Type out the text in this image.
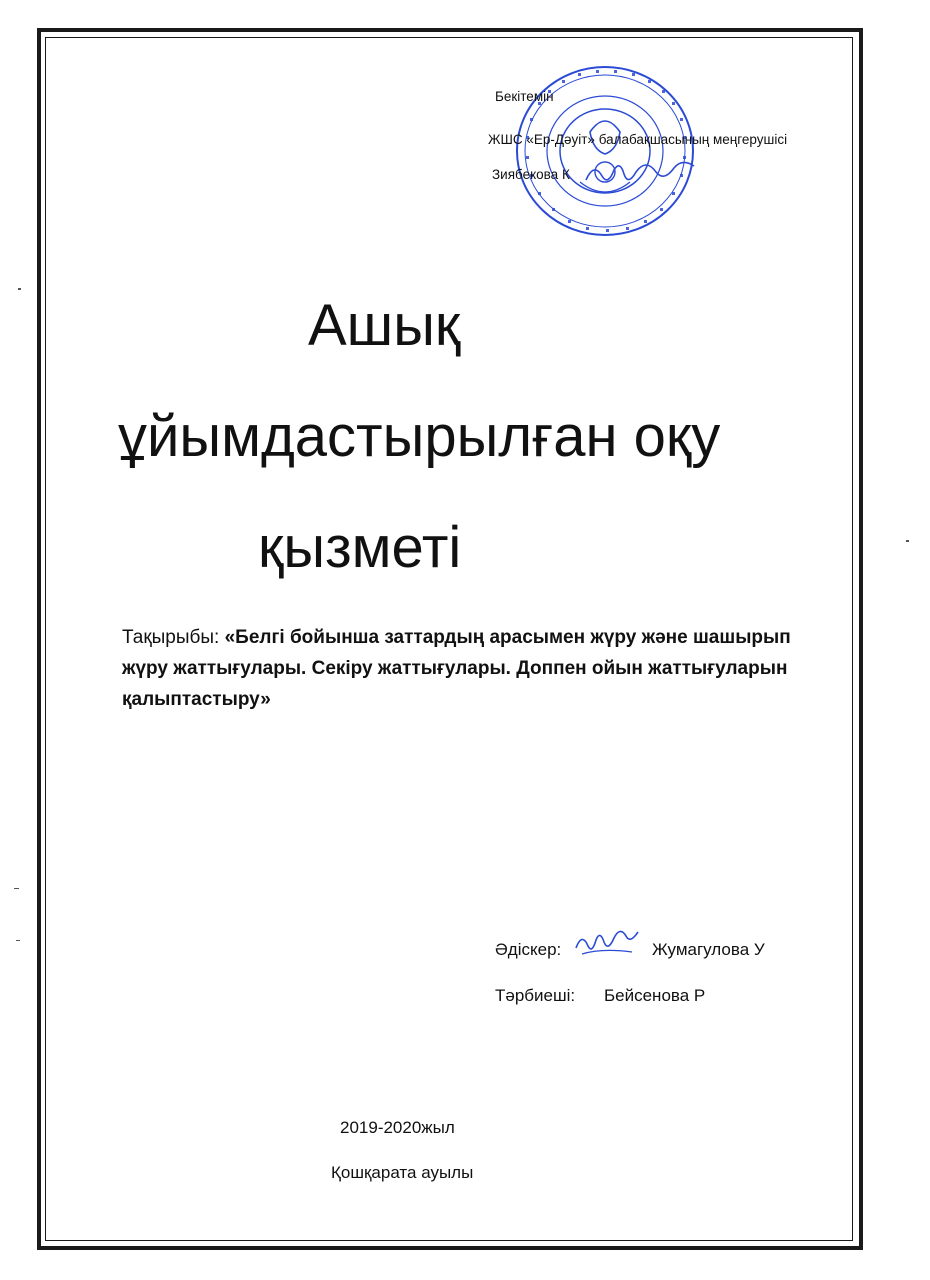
Бекітемін
ЖШС «Ер-Дәуіт» балабақшасының меңгерушісі
Зиябекова К
Ашық
ұйымдастырылған оқу
қызметі
Тақырыбы: «Белгі бойынша заттардың арасымен жүру және шашырып жүру жаттығулары. Секіру жаттығулары. Доппен ойын жаттығуларын қалыптастыру»
Әдіскер:	Жумагулова У
Тәрбиеші: Бейсенова Р
2019-2020жыл
Қошқарата ауылы
